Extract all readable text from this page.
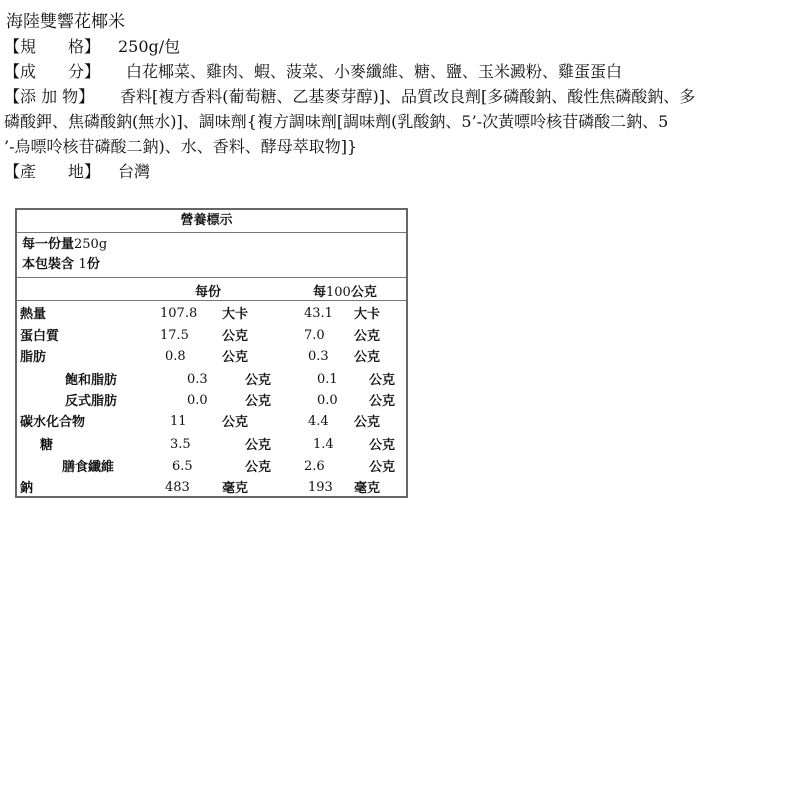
海陸雙響花椰米
【規　　格】 250g/包
【成　　分】 白花椰菜、雞肉、蝦、菠菜、小麥纖維、糖、鹽、玉米澱粉、雞蛋蛋白
【添 加 物】 香料[複方香料(葡萄糖、乙基麥芽醇)]、品質改良劑[多磷酸鈉、酸性焦磷酸鈉、多
磷酸鉀、焦磷酸鈉(無水)]、調味劑{複方調味劑[調味劑(乳酸鈉、5’-次黃嘌呤核苷磷酸二鈉、5
’-烏嘌呤核苷磷酸二鈉)、水、香料、酵母萃取物]}
【產　　地】 台灣
營養標示
每一份量250g
本包裝含 1份
每份	每100公克
熱量	107.8 大卡	43.1 大卡
蛋白質	17.5	公克	7.0 公克
脂肪	0.8	公克	0.3 公克
飽和脂肪	0.3	公克	0.1 公克
反式脂肪	0.0	公克	0.0 公克
碳水化合物	11	公克	4.4 公克
糖	3.5	公克	1.4	公克
膳食纖維	6.5	公克	2.6	公克
鈉	483 毫克	193 毫克
